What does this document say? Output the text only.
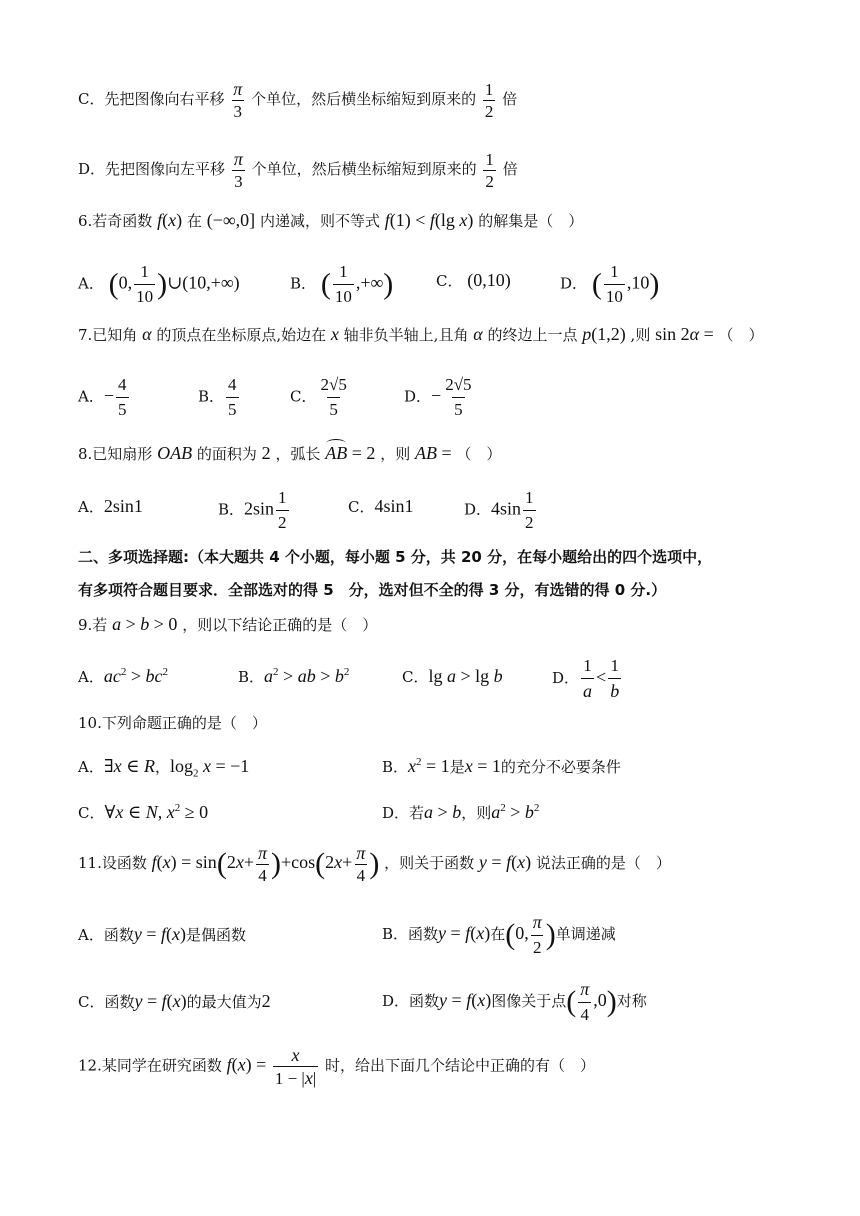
C．先把图像向右平移 $\frac{\pi}{3}$ 个单位，然后横坐标缩短到原来的 $\frac{1}{2}$ 倍
D．先把图像向左平移 $\frac{\pi}{3}$ 个单位，然后横坐标缩短到原来的 $\frac{1}{2}$ 倍
6.若奇函数 f(x) 在 (−∞,0] 内递减，则不等式 f(1) < f(lg x) 的解集是（　）
A． (0, $\frac{1}{10}$ )∪(10,+∞)	B． ( $\frac{1}{10}$ ,+∞)	C． (0,10)	D． ( $\frac{1}{10} ,10$)
7.已知角 α 的顶点在坐标原点,始边在 x 轴非负半轴上,且角 α 的终边上一点 p(1,2) ,则 sin 2α = （　）
A．− $\frac{4}{5}$	B． $\frac{4}{5}$	C． $\frac{2√5}{5}$	D．− $\frac{2√5}{5}$
8.已知扇形 OAB 的面积为 2 ，弧长 AB = 2 ，则 AB = （　）
A．2sin1	B．$2\sin \frac{1}{2}$	C．4sin1	D．$4\sin \frac{1}{2}$
二、多项选择题:（本大题共 4 个小题，每小题 5 分，共 20 分，在每小题给出的四个选项中，
有多项符合题目要求．全部选对的得 5　分，选对但不全的得 3 分，有选错的得 0 分.）
9.若 a > b > 0 ，则以下结论正确的是（　）
A．$ac^2 > bc^2$	B．$a^2$ > ab > $b^2$	C．lg a > lg b	D． $\frac{1}{a} < \frac{1}{b}$
10.下列命题正确的是（　）
A．∃x ∈ R，$\log_2 x = -1$	B．$x^2 = 1$是x = 1的充分不必要条件
C．∀x ∈ N, $x^2 \ge 0$	D．若a > b，则$a^2 > b^2$
11.设函数 $f(x) = \sin(2x+ \frac{\pi}{4} )+\cos(2x+ \frac{\pi}{4}$ ) ，则关于函数 y = f(x) 说法正确的是（　）
A．函数y = f(x)是偶函数	B．函数y = f(x)在(0, $\frac{\pi}{2}$ )单调递减
C．函数y = f(x)的最大值为2	D．函数y = f(x)图像关于点( $\frac{\pi}{4} ,0$)对称
12.某同学在研究函数 $f(x) = \frac{x}{1 - |x|}$ 时，给出下面几个结论中正确的有（　）
